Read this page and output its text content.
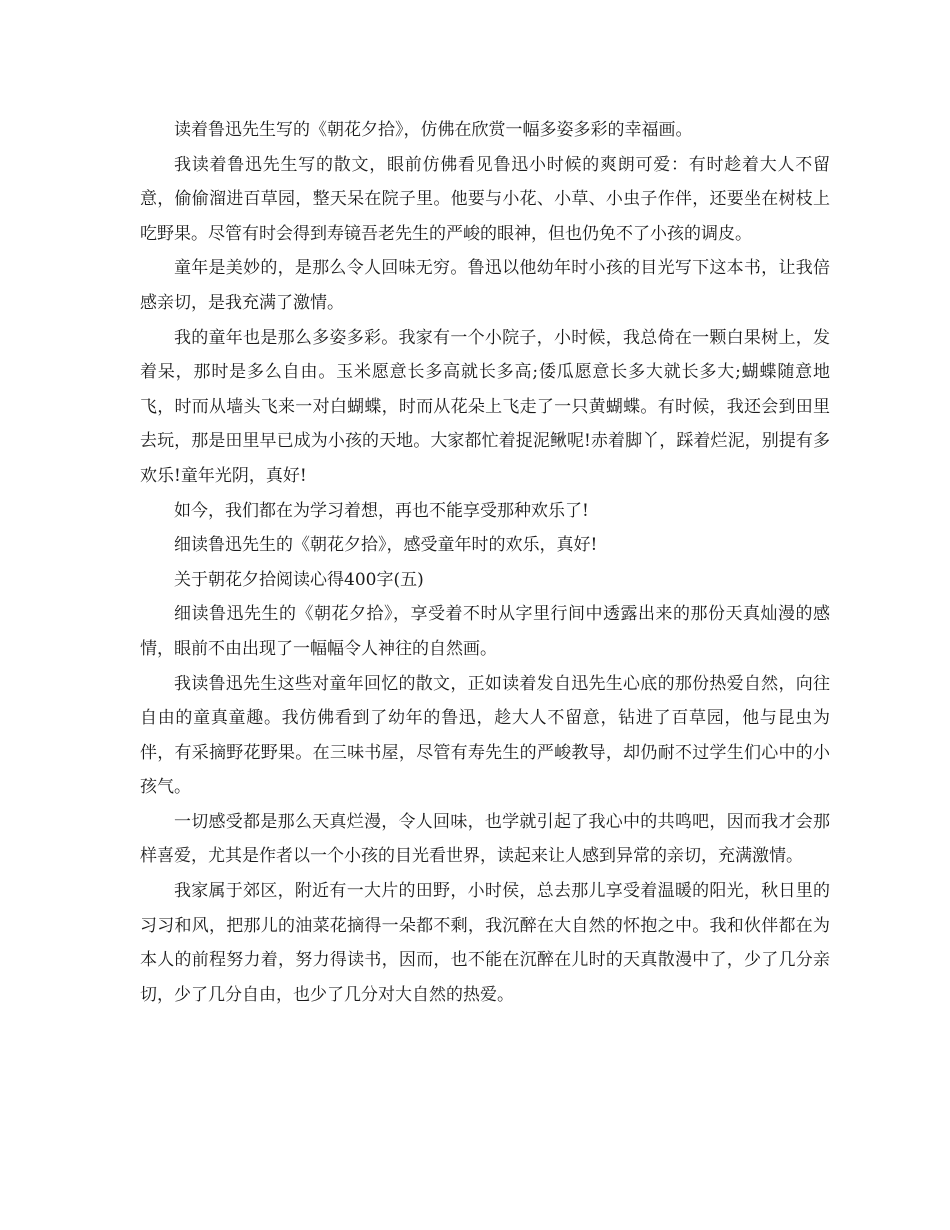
读着鲁迅先生写的《朝花夕拾》，仿佛在欣赏一幅多姿多彩的幸福画。

我读着鲁迅先生写的散文，眼前仿佛看见鲁迅小时候的爽朗可爱：有时趁着大人不留意，偷偷溜进百草园，整天呆在院子里。他要与小花、小草、小虫子作伴，还要坐在树枝上吃野果。尽管有时会得到寿镜吾老先生的严峻的眼神，但也仍免不了小孩的调皮。

童年是美妙的，是那么令人回味无穷。鲁迅以他幼年时小孩的目光写下这本书，让我倍感亲切，是我充满了激情。

我的童年也是那么多姿多彩。我家有一个小院子，小时候，我总倚在一颗白果树上，发着呆，那时是多么自由。玉米愿意长多高就长多高;倭瓜愿意长多大就长多大;蝴蝶随意地飞，时而从墙头飞来一对白蝴蝶，时而从花朵上飞走了一只黄蝴蝶。有时候，我还会到田里去玩，那是田里早已成为小孩的天地。大家都忙着捉泥鳅呢!赤着脚丫，踩着烂泥，别提有多欢乐!童年光阴，真好!

如今，我们都在为学习着想，再也不能享受那种欢乐了!

细读鲁迅先生的《朝花夕拾》，感受童年时的欢乐，真好!

关于朝花夕拾阅读心得400字(五)

细读鲁迅先生的《朝花夕拾》，享受着不时从字里行间中透露出来的那份天真灿漫的感情，眼前不由出现了一幅幅令人神往的自然画。

我读鲁迅先生这些对童年回忆的散文，正如读着发自迅先生心底的那份热爱自然，向往自由的童真童趣。我仿佛看到了幼年的鲁迅，趁大人不留意，钻进了百草园，他与昆虫为伴，有采摘野花野果。在三味书屋，尽管有寿先生的严峻教导，却仍耐不过学生们心中的小孩气。

一切感受都是那么天真烂漫，令人回味，也学就引起了我心中的共鸣吧，因而我才会那样喜爱，尤其是作者以一个小孩的目光看世界，读起来让人感到异常的亲切，充满激情。

我家属于郊区，附近有一大片的田野，小时侯，总去那儿享受着温暖的阳光，秋日里的习习和风，把那儿的油菜花摘得一朵都不剩，我沉醉在大自然的怀抱之中。我和伙伴都在为本人的前程努力着，努力得读书，因而，也不能在沉醉在儿时的天真散漫中了，少了几分亲切，少了几分自由，也少了几分对大自然的热爱。
